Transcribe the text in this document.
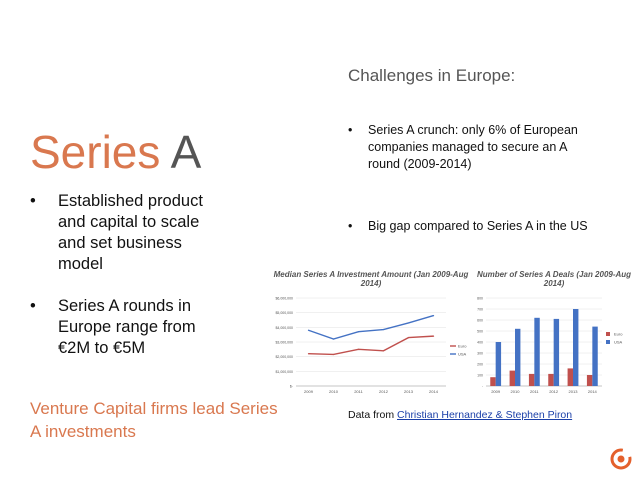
Series A
• Established product and capital to scale and set business model
• Series A rounds in Europe range from €2M to €5M
Venture Capital firms lead Series A investments
Challenges in Europe:
• Series A crunch: only 6% of European companies managed to secure an A round (2009-2014)
• Big gap compared to Series A in the US
Median Series A Investment Amount (Jan 2009-Aug 2014)
$-
$1,000,000
$2,000,000
$3,000,000
$4,000,000
$5,000,000
$6,000,000
2009	2010	2011	2012	2013	2014
Euro
USA
Number of Series A Deals (Jan 2009-Aug 2014)
-
100
200
300
400
500
600
700
800
2009	2010	2011	2012	2013	2014
Euro
USA
Data from Christian Hernandez & Stephen Piron
